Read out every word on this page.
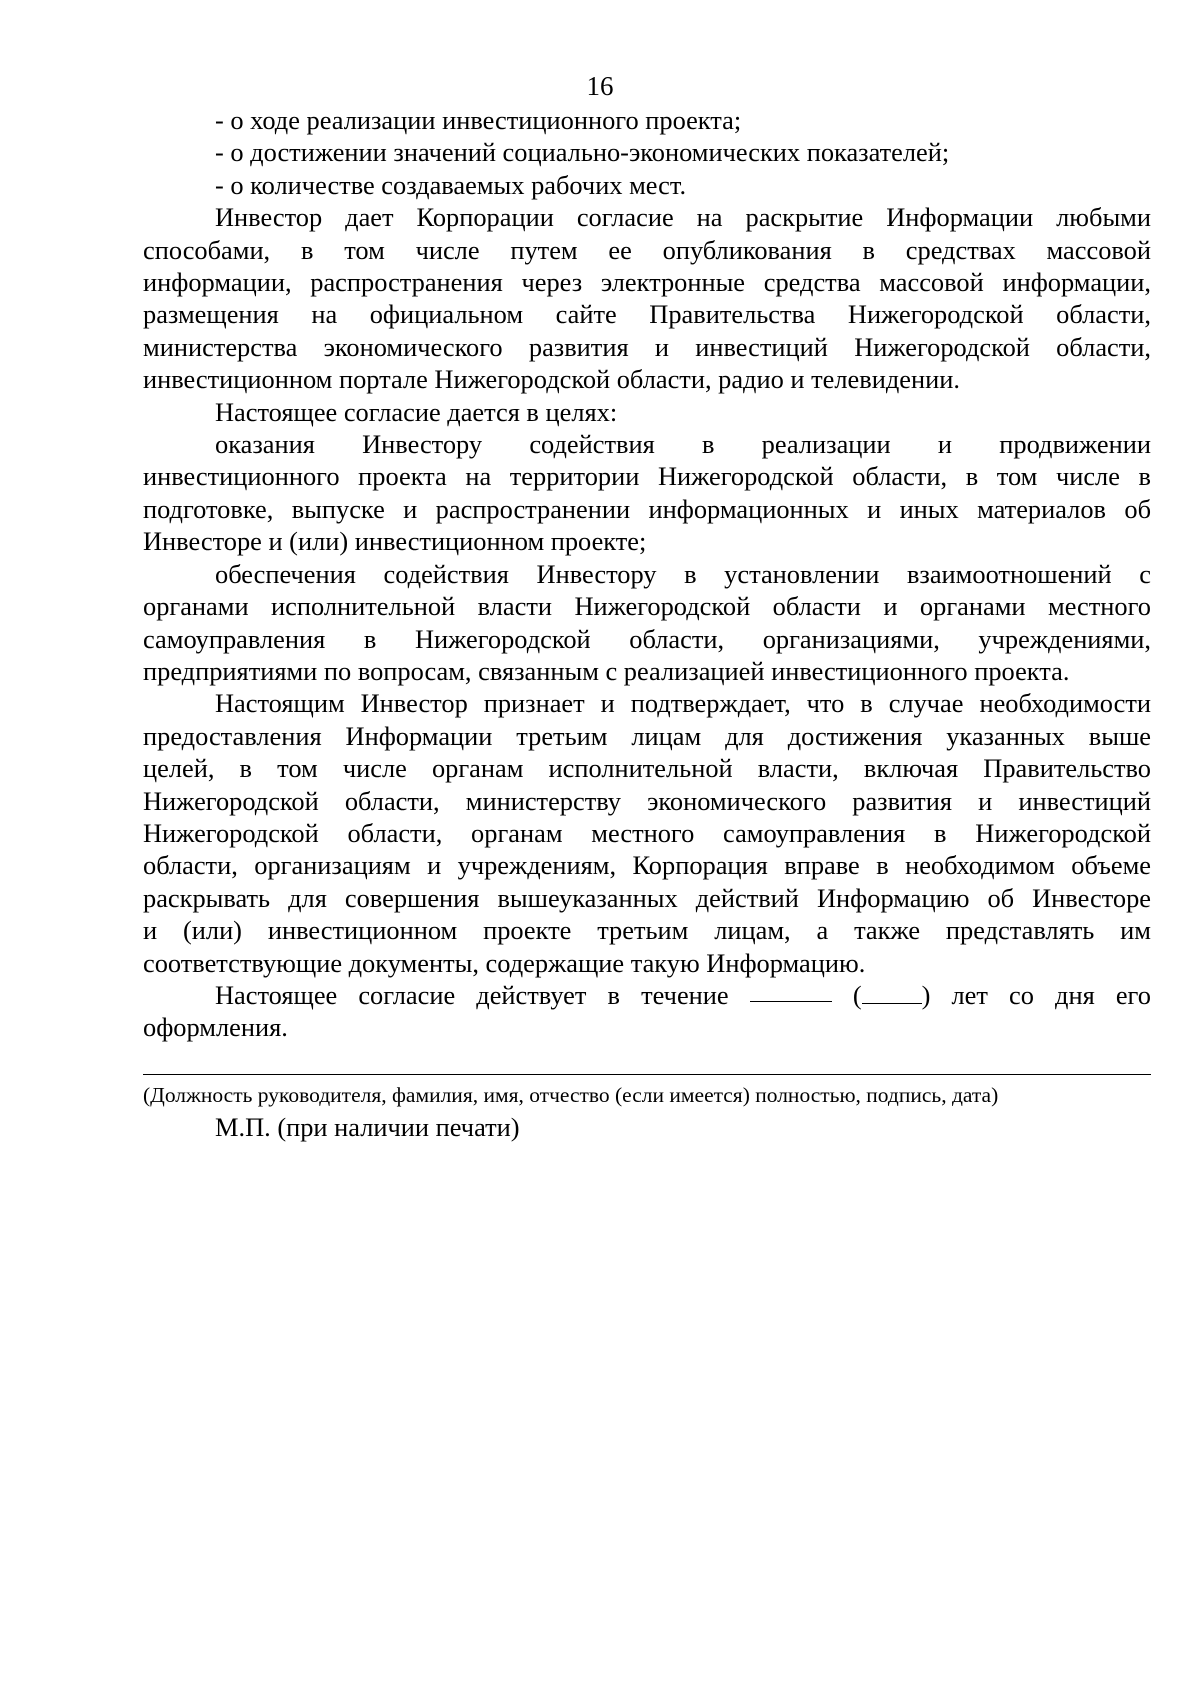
16
- о ходе реализации инвестиционного проекта;
- о достижении значений социально-экономических показателей;
- о количестве создаваемых рабочих мест.
Инвестор дает Корпорации согласие на раскрытие Информации любыми
способами, в том числе путем ее опубликования в средствах массовой
информации, распространения через электронные средства массовой информации,
размещения на официальном сайте Правительства Нижегородской области,
министерства экономического развития и инвестиций Нижегородской области,
инвестиционном портале Нижегородской области, радио и телевидении.
Настоящее согласие дается в целях:
оказания Инвестору содействия в реализации и продвижении
инвестиционного проекта на территории Нижегородской области, в том числе в
подготовке, выпуске и распространении информационных и иных материалов об
Инвесторе и (или) инвестиционном проекте;
обеспечения содействия Инвестору в установлении взаимоотношений с
органами исполнительной власти Нижегородской области и органами местного
самоуправления в Нижегородской области, организациями, учреждениями,
предприятиями по вопросам, связанным с реализацией инвестиционного проекта.
Настоящим Инвестор признает и подтверждает, что в случае необходимости
предоставления Информации третьим лицам для достижения указанных выше
целей, в том числе органам исполнительной власти, включая Правительство
Нижегородской области, министерству экономического развития и инвестиций
Нижегородской области, органам местного самоуправления в Нижегородской
области, организациям и учреждениям, Корпорация вправе в необходимом объеме
раскрывать для совершения вышеуказанных действий Информацию об Инвесторе
и (или) инвестиционном проекте третьим лицам, а также представлять им
соответствующие документы, содержащие такую Информацию.
Настоящее согласие действует в течение	( ) лет со дня его
оформления.
(Должность руководителя, фамилия, имя, отчество (если имеется) полностью, подпись, дата)
М.П. (при наличии печати)
